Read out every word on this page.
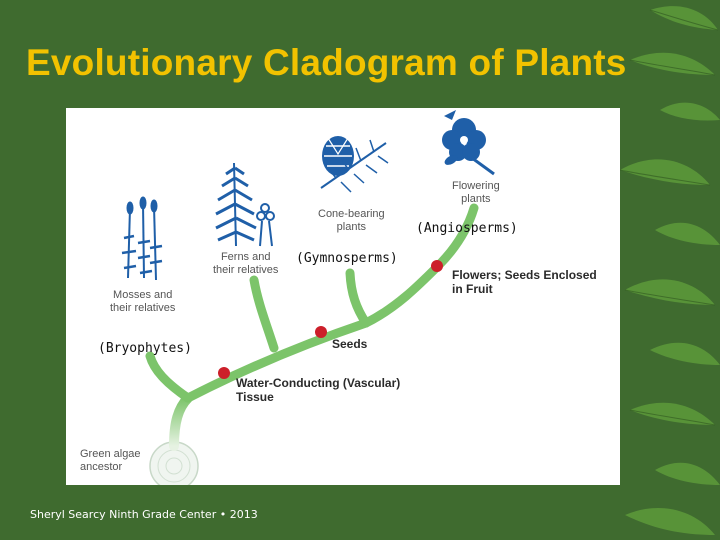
Evolutionary Cladogram of Plants
Green algae
ancestor
Mosses and
their relatives
Ferns and
their relatives
Cone-bearing
plants
Flowering
plants
Water-Conducting (Vascular)
Tissue
Seeds
Flowers; Seeds Enclosed
in Fruit
(Bryophytes)
(Gymnosperms)
(Angiosperms)
Sheryl Searcy Ninth Grade Center • 2013
